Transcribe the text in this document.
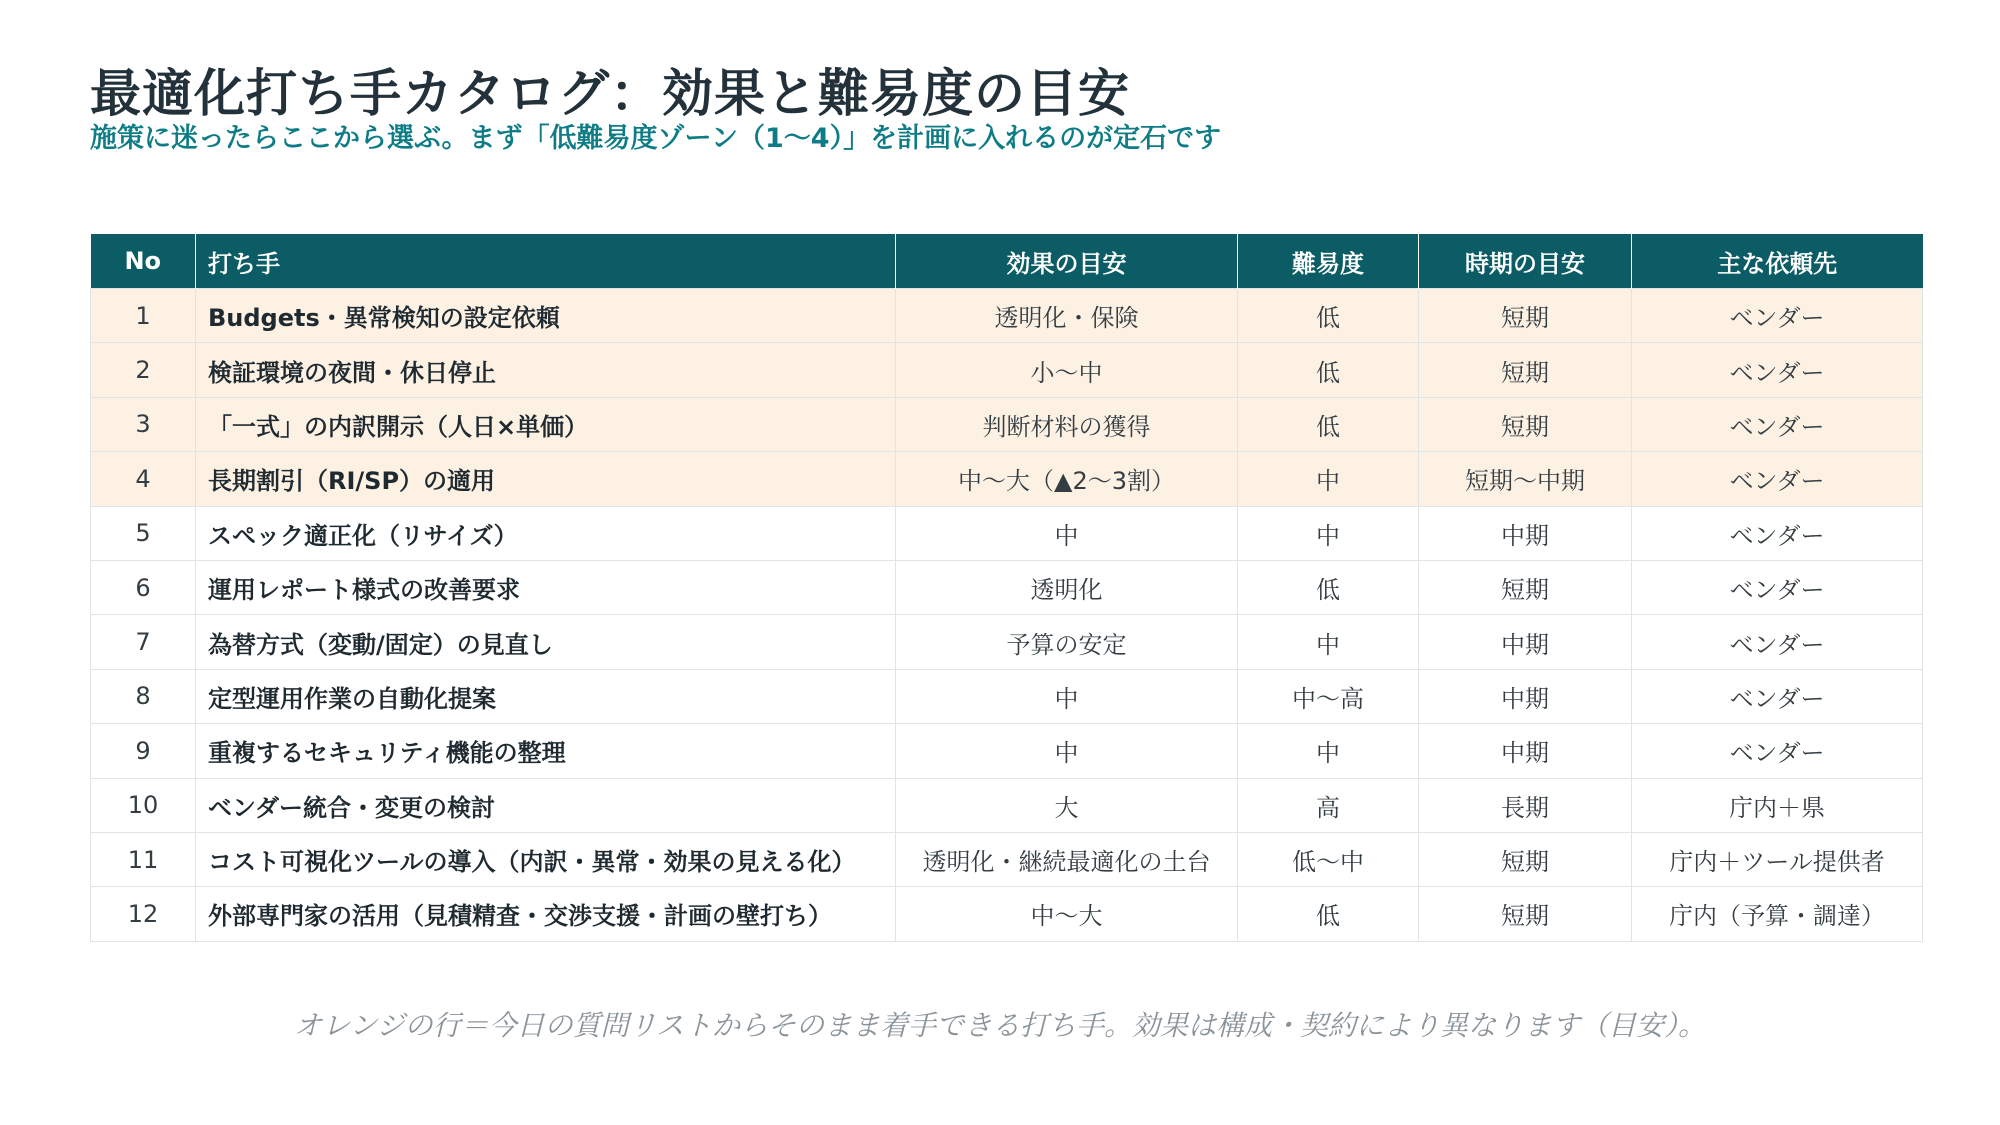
最適化打ち手カタログ：効果と難易度の目安
施策に迷ったらここから選ぶ。まず「低難易度ゾーン（1〜4）」を計画に入れるのが定石です
No	打ち手	効果の目安	難易度	時期の目安	主な依頼先
1	Budgets・異常検知の設定依頼	透明化・保険	低	短期	ベンダー
2	検証環境の夜間・休日停止	小〜中	低	短期	ベンダー
3	「一式」の内訳開示（人日×単価）	判断材料の獲得	低	短期	ベンダー
4	長期割引（RI/SP）の適用	中〜大（▲2〜3割）	中	短期〜中期	ベンダー
5	スペック適正化（リサイズ）	中	中	中期	ベンダー
6	運用レポート様式の改善要求	透明化	低	短期	ベンダー
7	為替方式（変動/固定）の見直し	予算の安定	中	中期	ベンダー
8	定型運用作業の自動化提案	中	中〜高	中期	ベンダー
9	重複するセキュリティ機能の整理	中	中	中期	ベンダー
10	ベンダー統合・変更の検討	大	高	長期	庁内＋県
11	コスト可視化ツールの導入（内訳・異常・効果の見える化）	透明化・継続最適化の土台	低〜中	短期	庁内＋ツール提供者
12	外部専門家の活用（見積精査・交渉支援・計画の壁打ち）	中〜大	低	短期	庁内（予算・調達）
オレンジの行＝今日の質問リストからそのまま着手できる打ち手。効果は構成・契約により異なります（目安）。
